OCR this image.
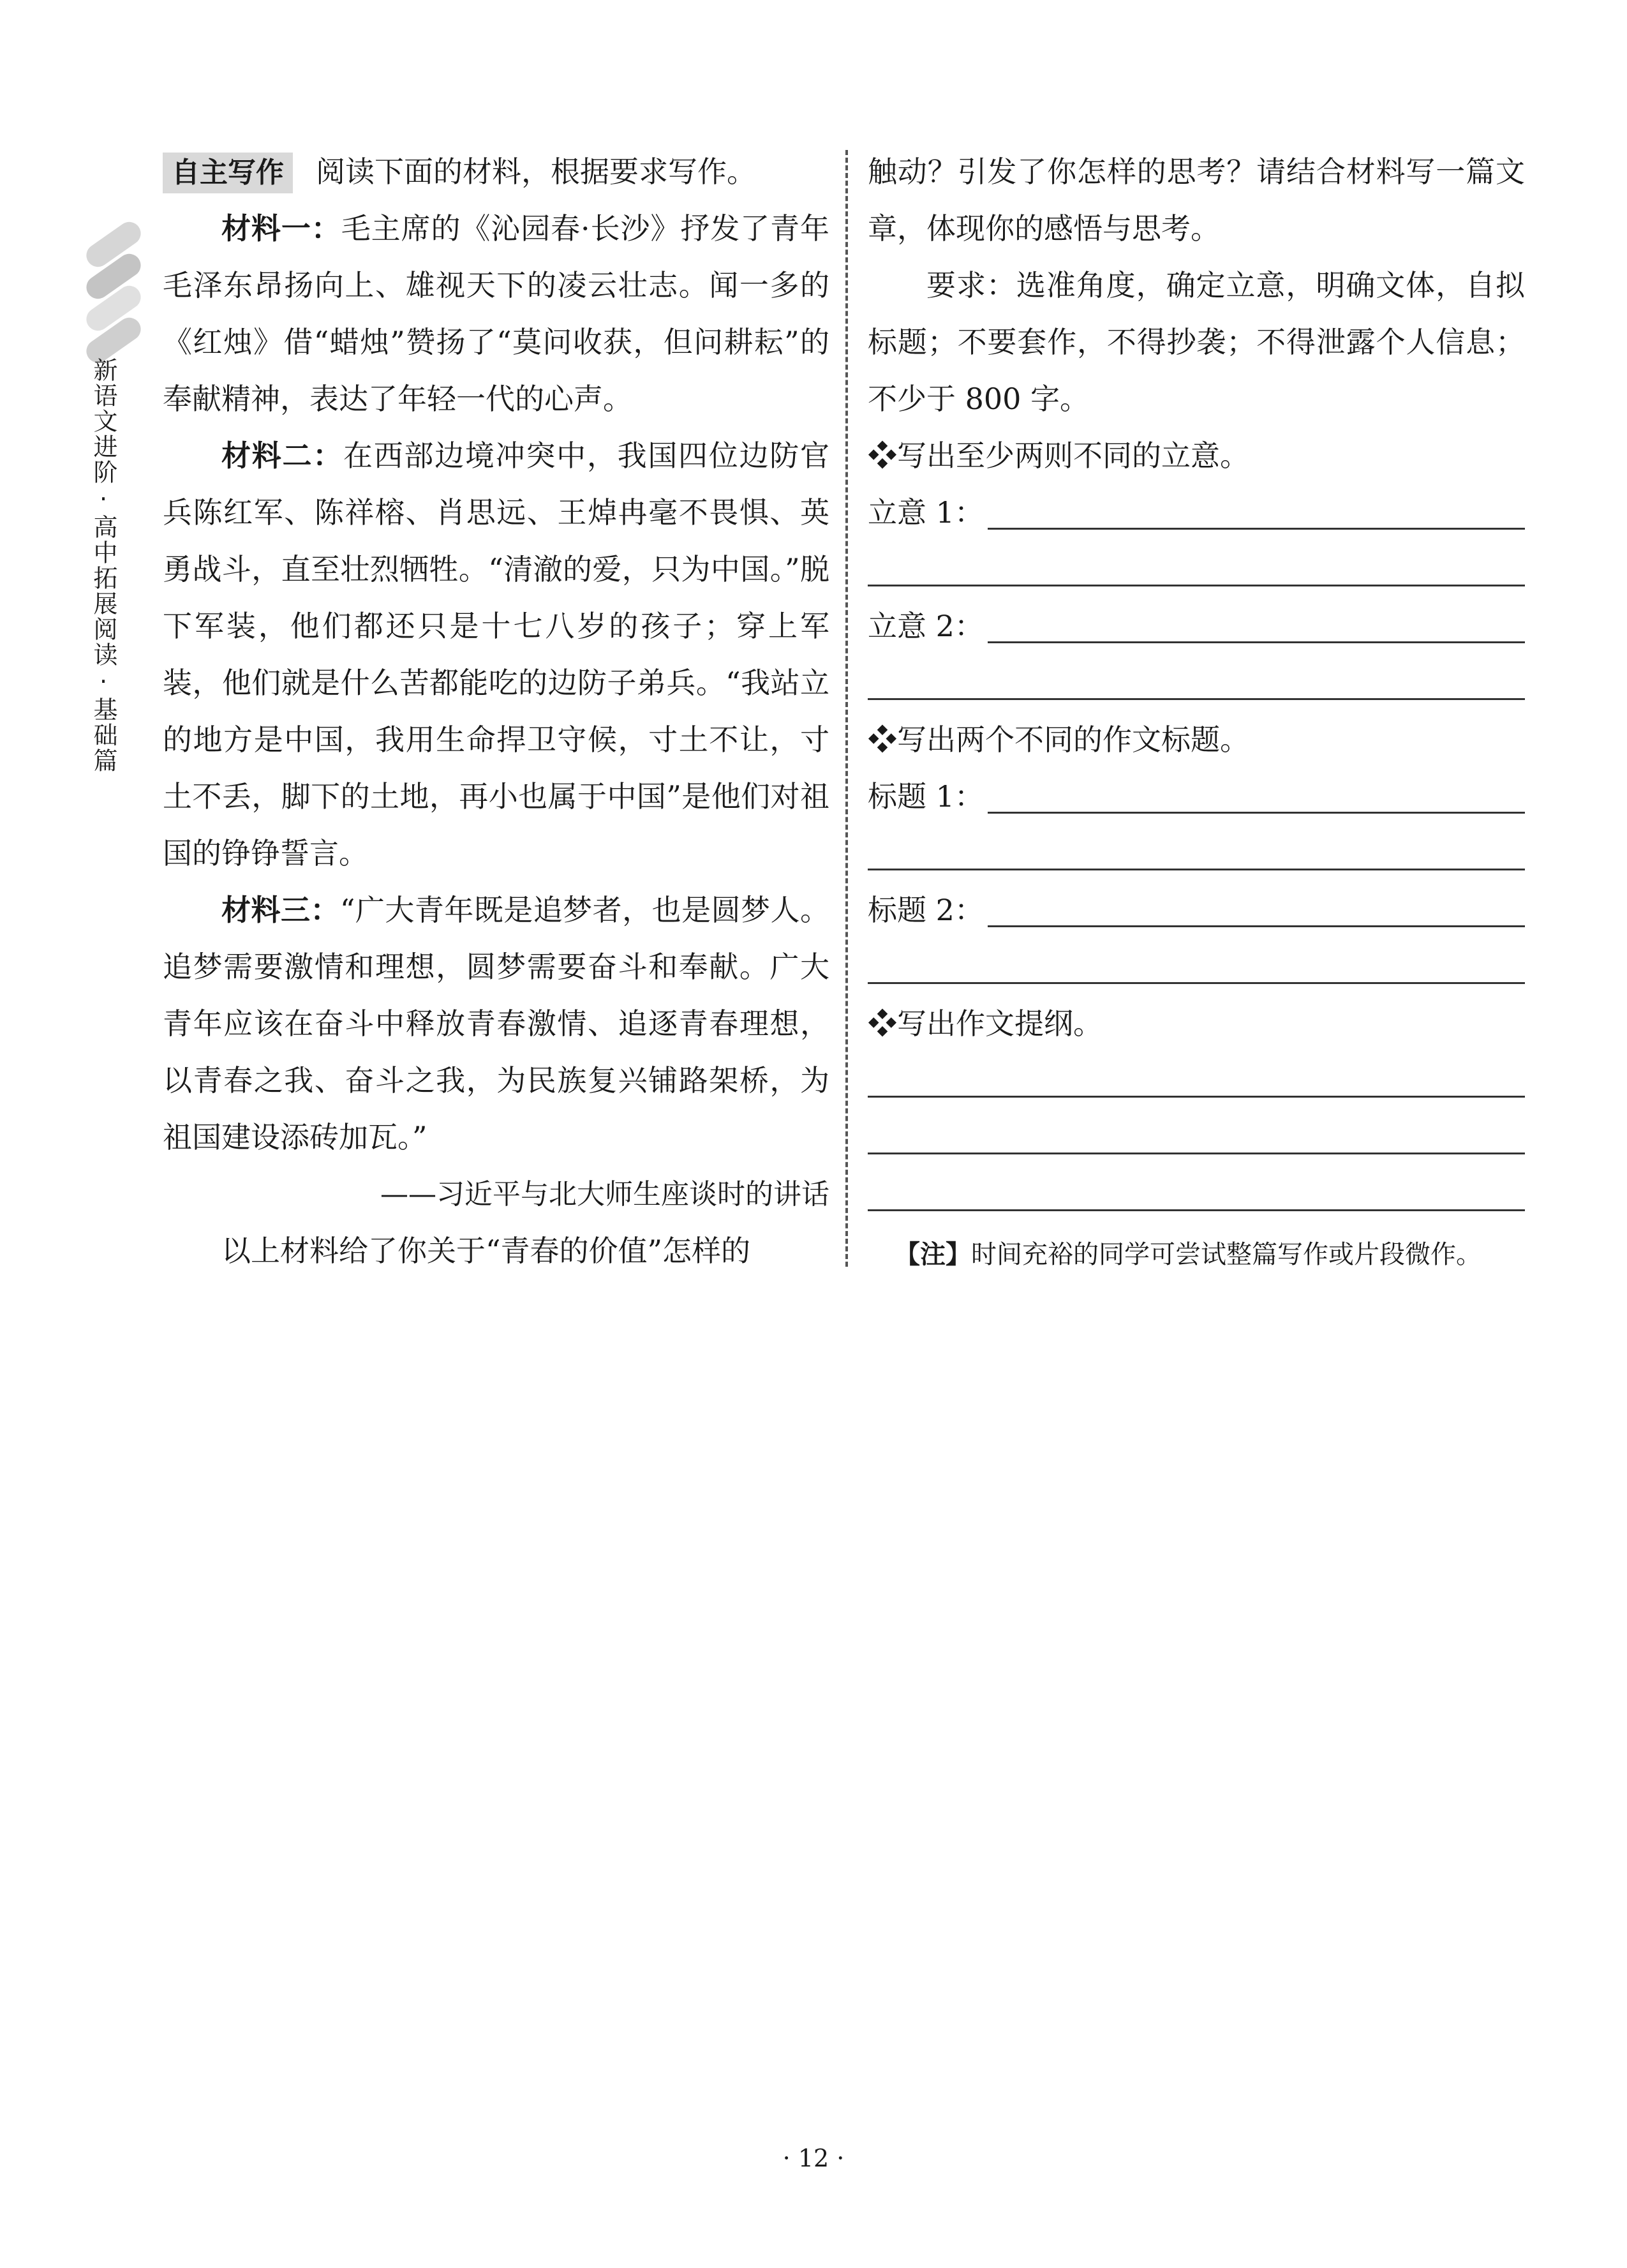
新语文进阶·高中拓展阅读·基础篇

自主写作 阅读下面的材料，根据要求写作。

材料一：毛主席的《沁园春·长沙》抒发了青年毛泽东昂扬向上、雄视天下的凌云壮志。闻一多的《红烛》借“蜡烛”赞扬了“莫问收获，但问耕耘”的奉献精神，表达了年轻一代的心声。

材料二：在西部边境冲突中，我国四位边防官兵陈红军、陈祥榕、肖思远、王焯冉毫不畏惧、英勇战斗，直至壮烈牺牲。“清澈的爱，只为中国。”脱下军装，他们都还只是十七八岁的孩子；穿上军装，他们就是什么苦都能吃的边防子弟兵。“我站立的地方是中国，我用生命捍卫守候，寸土不让，寸土不丢，脚下的土地，再小也属于中国”是他们对祖国的铮铮誓言。

材料三：“广大青年既是追梦者，也是圆梦人。追梦需要激情和理想，圆梦需要奋斗和奉献。广大青年应该在奋斗中释放青春激情、追逐青春理想，以青春之我、奋斗之我，为民族复兴铺路架桥，为祖国建设添砖加瓦。”

——习近平与北大师生座谈时的讲话

以上材料给了你关于“青春的价值”怎样的

触动？引发了你怎样的思考？请结合材料写一篇文章，体现你的感悟与思考。

要求：选准角度，确定立意，明确文体，自拟标题；不要套作，不得抄袭；不得泄露个人信息；不少于 800 字。

❖写出至少两则不同的立意。

立意 1：
立意 2：

❖写出两个不同的作文标题。

标题 1：
标题 2：

❖写出作文提纲。

【注】时间充裕的同学可尝试整篇写作或片段微作。

· 12 ·
